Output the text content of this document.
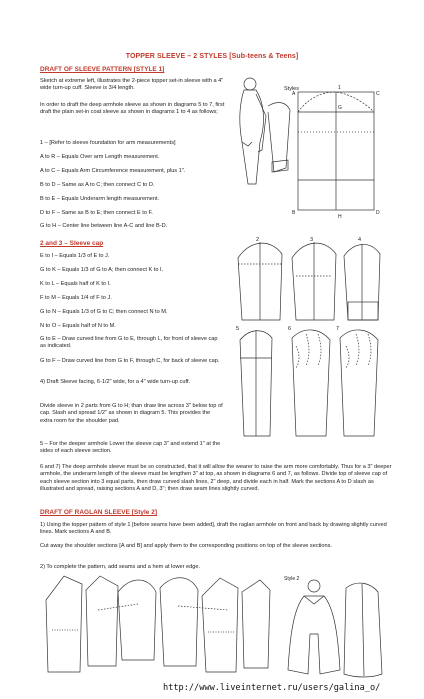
TOPPER SLEEVE – 2 STYLES [Sub-teens & Teens]
DRAFT OF SLEEVE PATTERN [STYLE 1]
Sketch at extreme left, illustrates the 2-piece topper set-in sleeve with a 4" wide turn-up cuff. Sleeve is 3/4 length.
In order to draft the deep armhole sleeve as shown in diagrams 5 to 7, first draft the plain set-in coat sleeve as shown in diagrams 1 to 4 as follows;
1 – [Refer to sleeve foundation for arm measurements]
A to R – Equals Over arm Length measurement.
A to C – Equals Arm Circumference measurement, plus 1".
B to D – Same as A to C; then connect C to D.
B to E – Equals Underarm length measurement.
D to F – Same as B to E; then connect E to F.
G to H – Center line between line A-C and line B-D.
2 and 3 – Sleeve cap
E to I – Equals 1/3 of E to J.
G to K – Equals 1/3 of G to A; then connect K to I.
K to L – Equals half of K to I.
F to M – Equals 1/4 of F to J.
G to N – Equals 1/3 of G to C; then connect N to M.
N to O – Equals half of N to M.
G to E – Draw curved line from G to E, through L, for front of sleeve cap as indicated.
G to F – Draw curved line from G to F, through C, for back of sleeve cap.
4) Draft Sleeve facing, 6-1/2" wide, for a 4" wide turn-up cuff.
Divide sleeve in 2 parts from G to H; than draw line across 3" below top of cap. Slash and spread 1/2" as shown in diagram 5. This provides the extra room for the shoulder pad.
5 – For the deeper armhole Lower the sleeve cap 3" and extend 1" at the sides of each sleeve section.
6 and 7) The deep armhole sleeve must be so constructed, that it will allow the wearer to raise the arm more comfortably. Thus for a 3" deeper armhole, the underarm length of the sleeve must be lengthen 3" at top, as shown in diagrams 6 and 7, as follows. Divide top of sleeve cap of each sleeve section into 3 equal parts, then draw curved slash lines, 2" deep, and divide each in half. Mark the sections A to D slash as illustrated and spread, raising sections A and D, 3"; then draw seam lines slightly curved.
DRAFT OF RAGLAN SLEEVE [Style 2]
1) Using the topper pattern of style 1 [before seams have been added], draft the raglan armhole on front and back by drawing slightly curved lines. Mark sections A and B.
Cut away the shoulder sections [A and B] and apply them to the corresponding positions on top of the sleeve sections.
2) To complete the pattern, add seams and a hem at lower edge.
1
A	C
B	D
H
G
Styles
2	3	4
5	6	7
Style 2
http://www.liveinternet.ru/users/galina_o/
